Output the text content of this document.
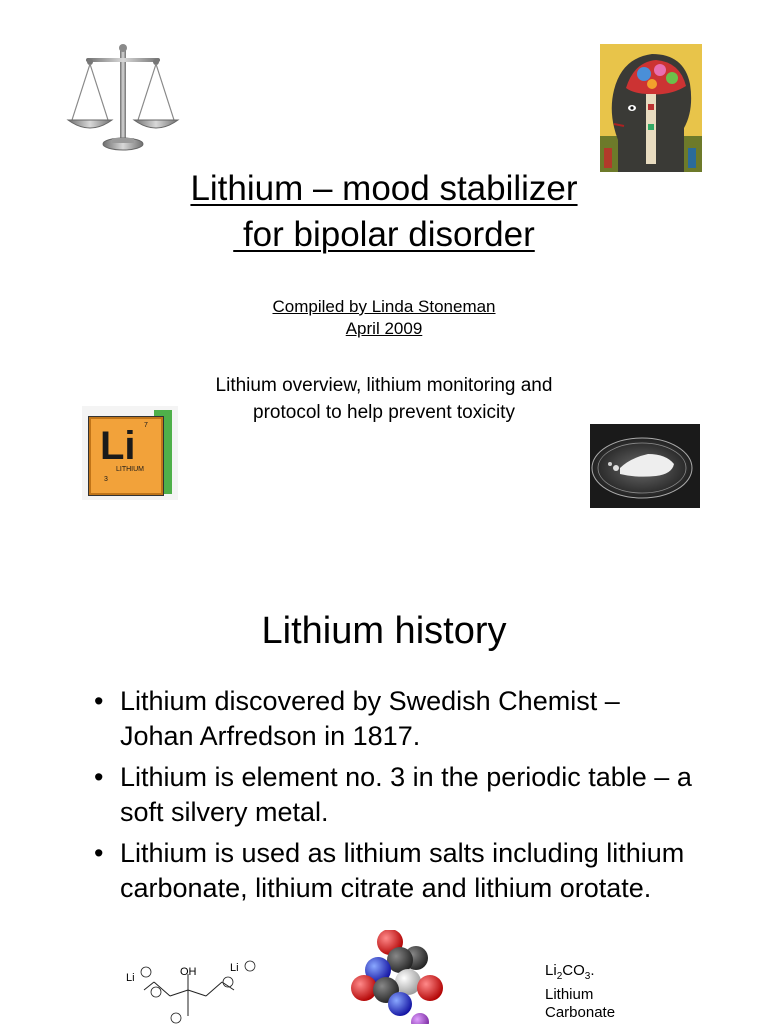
Lithium – mood stabilizer
for bipolar disorder
Compiled by Linda Stoneman
April 2009
Lithium overview, lithium monitoring and
protocol to help prevent toxicity
Li 7
LITHIUM
3
Lithium history
• Lithium discovered by Swedish Chemist – Johan Arfredson in 1817.
• Lithium is element no. 3 in the periodic table – a soft silvery metal.
• Lithium is used as lithium salts including lithium carbonate, lithium citrate and lithium orotate.
Li	OH	Li	$Li_2CO_3$.
Lithium
Carbonate
